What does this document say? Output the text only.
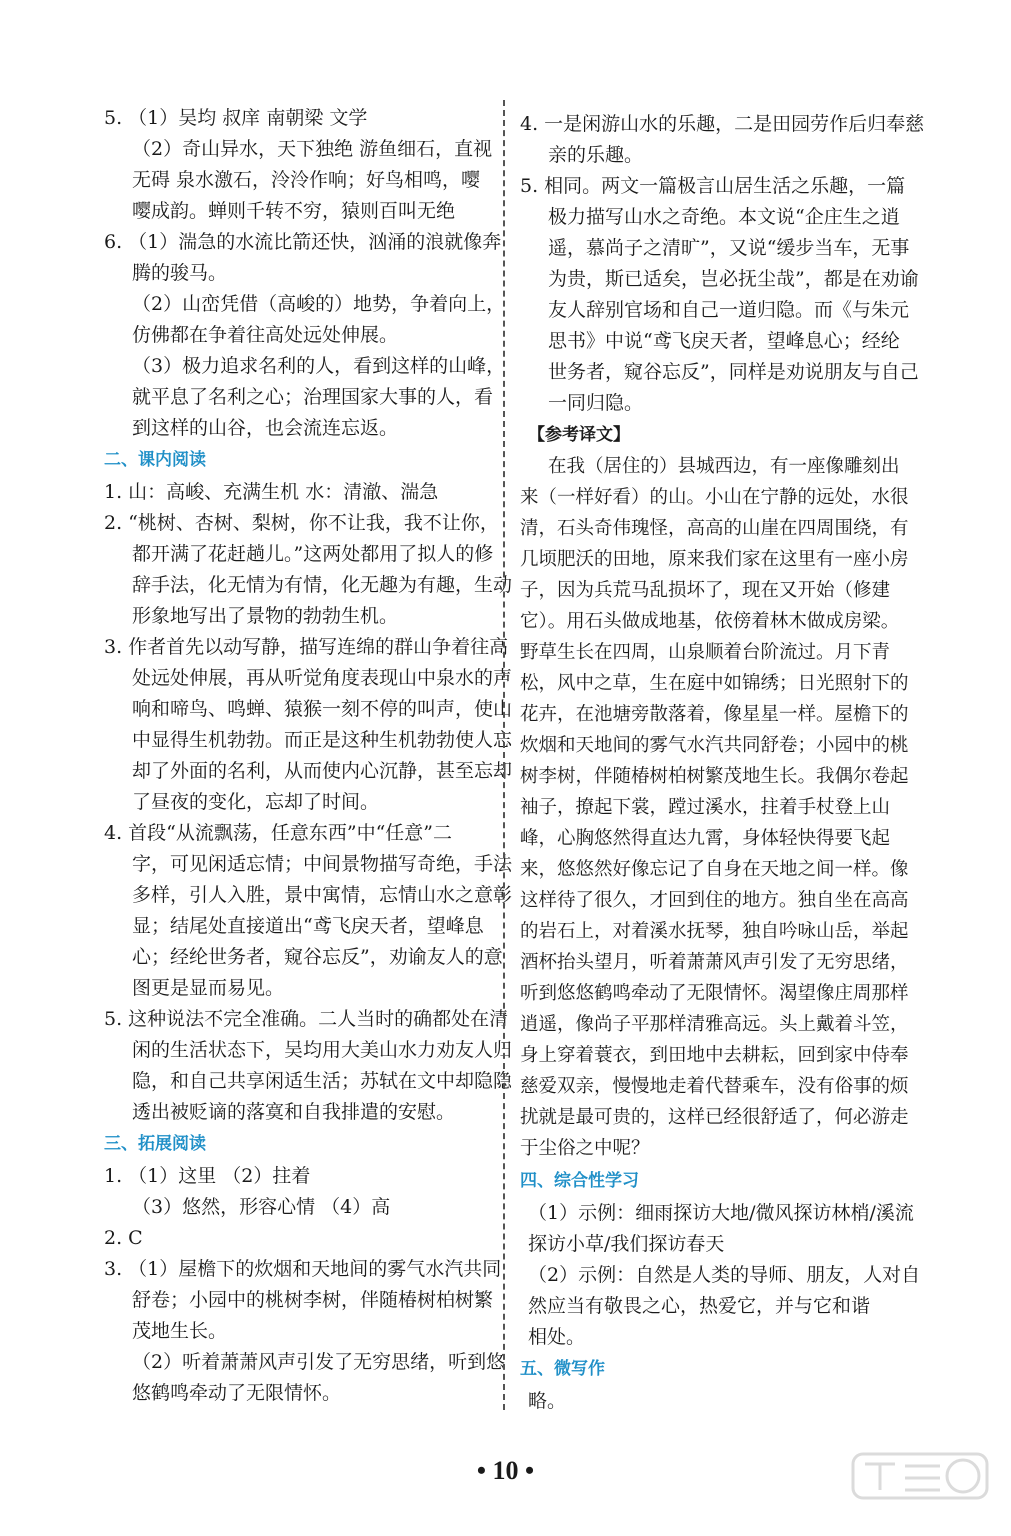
5. （1）吴均 叔庠 南朝梁 文学
（2）奇山异水，天下独绝 游鱼细石，直视
无碍 泉水激石，泠泠作响；好鸟相鸣，嘤
嘤成韵。蝉则千转不穷，猿则百叫无绝
6. （1）湍急的水流比箭还快，汹涌的浪就像奔
腾的骏马。
（2）山峦凭借（高峻的）地势，争着向上，
仿佛都在争着往高处远处伸展。
（3）极力追求名利的人，看到这样的山峰，
就平息了名利之心；治理国家大事的人，看
到这样的山谷，也会流连忘返。
二、课内阅读
1. 山：高峻、充满生机 水：清澈、湍急
2. “桃树、杏树、梨树，你不让我，我不让你，
都开满了花赶趟儿。”这两处都用了拟人的修
辞手法，化无情为有情，化无趣为有趣，生动
形象地写出了景物的勃勃生机。
3. 作者首先以动写静，描写连绵的群山争着往高
处远处伸展，再从听觉角度表现山中泉水的声
响和啼鸟、鸣蝉、猿猴一刻不停的叫声，使山
中显得生机勃勃。而正是这种生机勃勃使人忘
却了外面的名利，从而使内心沉静，甚至忘却
了昼夜的变化，忘却了时间。
4. 首段“从流飘荡，任意东西”中“任意”二
字，可见闲适忘情；中间景物描写奇绝，手法
多样，引人入胜，景中寓情，忘情山水之意彰
显；结尾处直接道出“鸢飞戾天者，望峰息
心；经纶世务者，窥谷忘反”，劝谕友人的意
图更是显而易见。
5. 这种说法不完全准确。二人当时的确都处在清
闲的生活状态下，吴均用大美山水力劝友人归
隐，和自己共享闲适生活；苏轼在文中却隐隐
透出被贬谪的落寞和自我排遣的安慰。
三、拓展阅读
1. （1）这里 （2）拄着
（3）悠然，形容心情 （4）高
2. C
3. （1）屋檐下的炊烟和天地间的雾气水汽共同
舒卷；小园中的桃树李树，伴随椿树柏树繁
茂地生长。
（2）听着萧萧风声引发了无穷思绪，听到悠
悠鹤鸣牵动了无限情怀。
4. 一是闲游山水的乐趣，二是田园劳作后归奉慈
亲的乐趣。
5. 相同。两文一篇极言山居生活之乐趣，一篇
极力描写山水之奇绝。本文说“企庄生之逍
遥，慕尚子之清旷”，又说“缓步当车，无事
为贵，斯已适矣，岂必抚尘哉”，都是在劝谕
友人辞别官场和自己一道归隐。而《与朱元
思书》中说“鸢飞戾天者，望峰息心；经纶
世务者，窥谷忘反”，同样是劝说朋友与自己
一同归隐。
【参考译文】
在我（居住的）县城西边，有一座像雕刻出
来（一样好看）的山。小山在宁静的远处，水很
清，石头奇伟瑰怪，高高的山崖在四周围绕，有
几顷肥沃的田地，原来我们家在这里有一座小房
子，因为兵荒马乱损坏了，现在又开始（修建
它）。用石头做成地基，依傍着林木做成房梁。
野草生长在四周，山泉顺着台阶流过。月下青
松，风中之草，生在庭中如锦绣；日光照射下的
花卉，在池塘旁散落着，像星星一样。屋檐下的
炊烟和天地间的雾气水汽共同舒卷；小园中的桃
树李树，伴随椿树柏树繁茂地生长。我偶尔卷起
袖子，撩起下裳，蹚过溪水，拄着手杖登上山
峰，心胸悠然得直达九霄，身体轻快得要飞起
来，悠悠然好像忘记了自身在天地之间一样。像
这样待了很久，才回到住的地方。独自坐在高高
的岩石上，对着溪水抚琴，独自吟咏山岳，举起
酒杯抬头望月，听着萧萧风声引发了无穷思绪，
听到悠悠鹤鸣牵动了无限情怀。渴望像庄周那样
逍遥，像尚子平那样清雅高远。头上戴着斗笠，
身上穿着蓑衣，到田地中去耕耘，回到家中侍奉
慈爱双亲，慢慢地走着代替乘车，没有俗事的烦
扰就是最可贵的，这样已经很舒适了，何必游走
于尘俗之中呢？
四、综合性学习
（1）示例：细雨探访大地/微风探访林梢/溪流
探访小草/我们探访春天
（2）示例：自然是人类的导师、朋友，人对自
然应当有敬畏之心，热爱它，并与它和谐
相处。
五、微写作
略。
• 10 •
